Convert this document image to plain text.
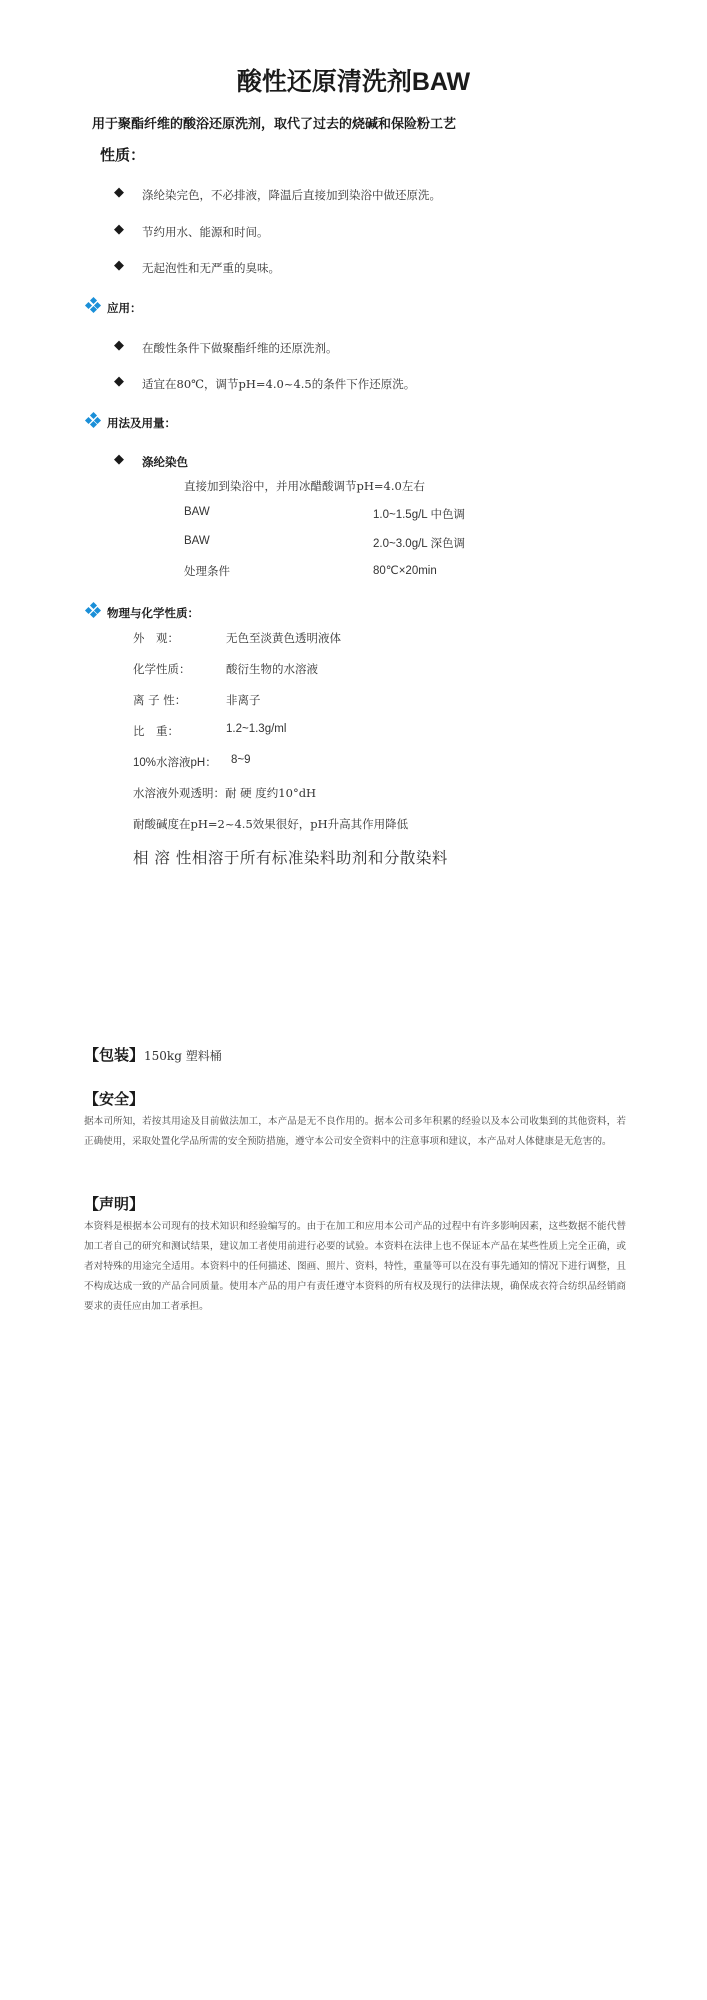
酸性还原清洗剂BAW
用于聚酯纤维的酸浴还原洗剂，取代了过去的烧碱和保险粉工艺
性质：
◆ 涤纶染完色，不必排液，降温后直接加到染浴中做还原洗。
◆ 节约用水、能源和时间。
◆ 无起泡性和无严重的臭味。
应用：
◆ 在酸性条件下做聚酯纤维的还原洗剂。
◆ 适宜在80℃，调节pH=4.0~4.5的条件下作还原洗。
用法及用量：
◆ 涤纶染色
直接加到染浴中，并用冰醋酸调节pH=4.0左右
BAW	1.0~1.5g/L 中色调
BAW	2.0~3.0g/L 深色调
处理条件	80℃×20min
物理与化学性质：
外　观：	无色至淡黄色透明液体
化学性质：	酸衍生物的水溶液
离 子 性：	非离子
比　重：	1.2~1.3g/ml
10%水溶液pH： 8~9
水溶液外观透明：耐 硬 度约10°dH
耐酸碱度在pH=2~4.5效果很好，pH升高其作用降低
相 溶 性相溶于所有标准染料助剂和分散染料
【包装】150kg 塑料桶
【安全】

据本司所知，若按其用途及目前做法加工，本产品是无不良作用的。据本公司多年积累的经验以及本公司收集到的其他资料，若正确使用，采取处置化学品所需的安全预防措施，遵守本公司安全资料中的注意事项和建议，本产品对人体健康是无危害的。

【声明】

本资料是根据本公司现有的技术知识和经验编写的。由于在加工和应用本公司产品的过程中有许多影响因素，这些数据不能代替加工者自己的研究和测试结果，建议加工者使用前进行必要的试验。本资料在法律上也不保证本产品在某些性质上完全正确，或者对特殊的用途完全适用。本资料中的任何描述、图画、照片、资料，特性，重量等可以在没有事先通知的情况下进行调整，且不构成达成一致的产品合同质量。使用本产品的用户有责任遵守本资料的所有权及现行的法律法规，确保成衣符合纺织品经销商要求的责任应由加工者承担。
